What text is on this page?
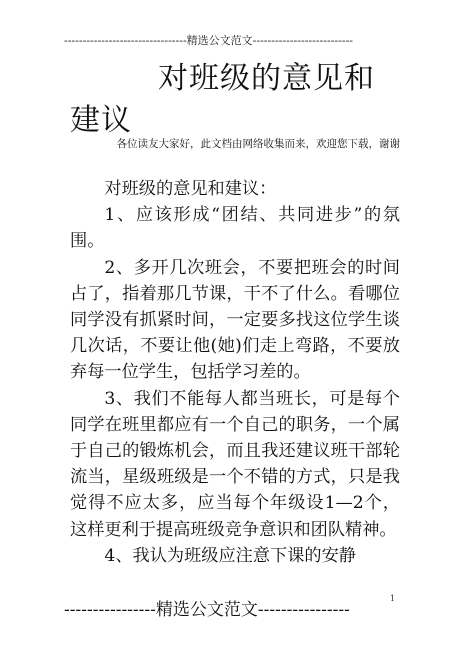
---------------------------------精选公文范文---------------------------
对班级的意见和建议
各位读友大家好，此文档由网络收集而来，欢迎您下载，谢谢

对班级的意见和建议：

1、应该形成“团结、共同进步”的氛围。

2、多开几次班会，不要把班会的时间占了，指着那几节课，干不了什么。看哪位同学没有抓紧时间，一定要多找这位学生谈几次话，不要让他(她)们走上弯路，不要放弃每一位学生，包括学习差的。

3、我们不能每人都当班长，可是每个同学在班里都应有一个自己的职务，一个属于自己的锻炼机会，而且我还建议班干部轮流当，星级班级是一个不错的方式，只是我觉得不应太多，应当每个年级设1—2个，这样更利于提高班级竞争意识和团队精神。

4、我认为班级应注意下课的安静

----------------精选公文范文----------------
1
